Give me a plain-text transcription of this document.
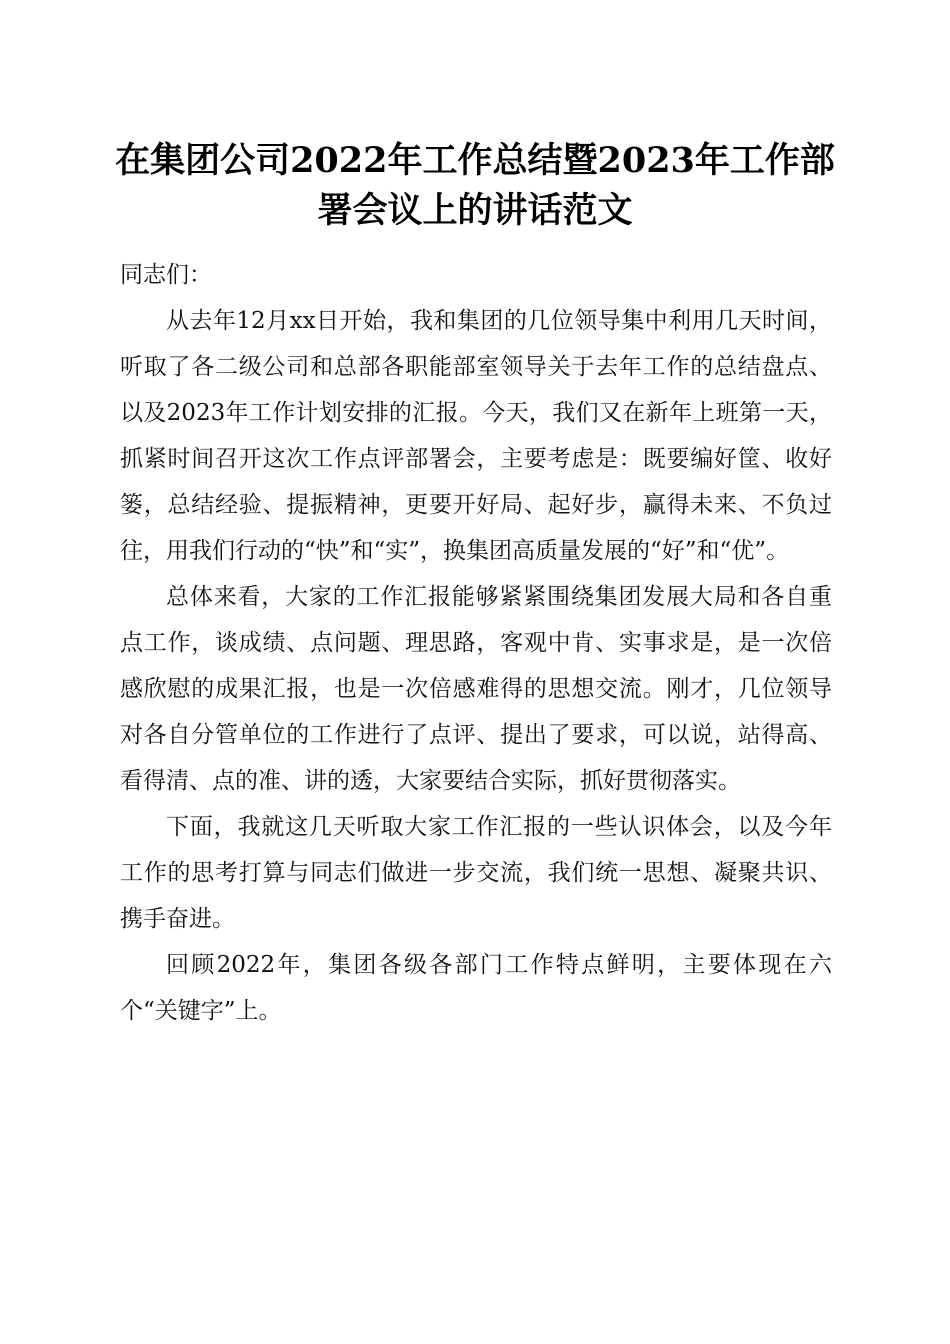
在集团公司2022年工作总结暨2023年工作部
署会议上的讲话范文

同志们：

从去年12月xx日开始，我和集团的几位领导集中利用几天时间，听取了各二级公司和总部各职能部室领导关于去年工作的总结盘点、以及2023年工作计划安排的汇报。今天，我们又在新年上班第一天，抓紧时间召开这次工作点评部署会，主要考虑是：既要编好筐、收好篓，总结经验、提振精神，更要开好局、起好步，赢得未来、不负过往，用我们行动的“快”和“实”，换集团高质量发展的“好”和“优”。

总体来看，大家的工作汇报能够紧紧围绕集团发展大局和各自重点工作，谈成绩、点问题、理思路，客观中肯、实事求是，是一次倍感欣慰的成果汇报，也是一次倍感难得的思想交流。刚才，几位领导对各自分管单位的工作进行了点评、提出了要求，可以说，站得高、看得清、点的准、讲的透，大家要结合实际，抓好贯彻落实。

下面，我就这几天听取大家工作汇报的一些认识体会，以及今年工作的思考打算与同志们做进一步交流，我们统一思想、凝聚共识、携手奋进。

回顾2022年，集团各级各部门工作特点鲜明，主要体现在六个“关键字”上。
